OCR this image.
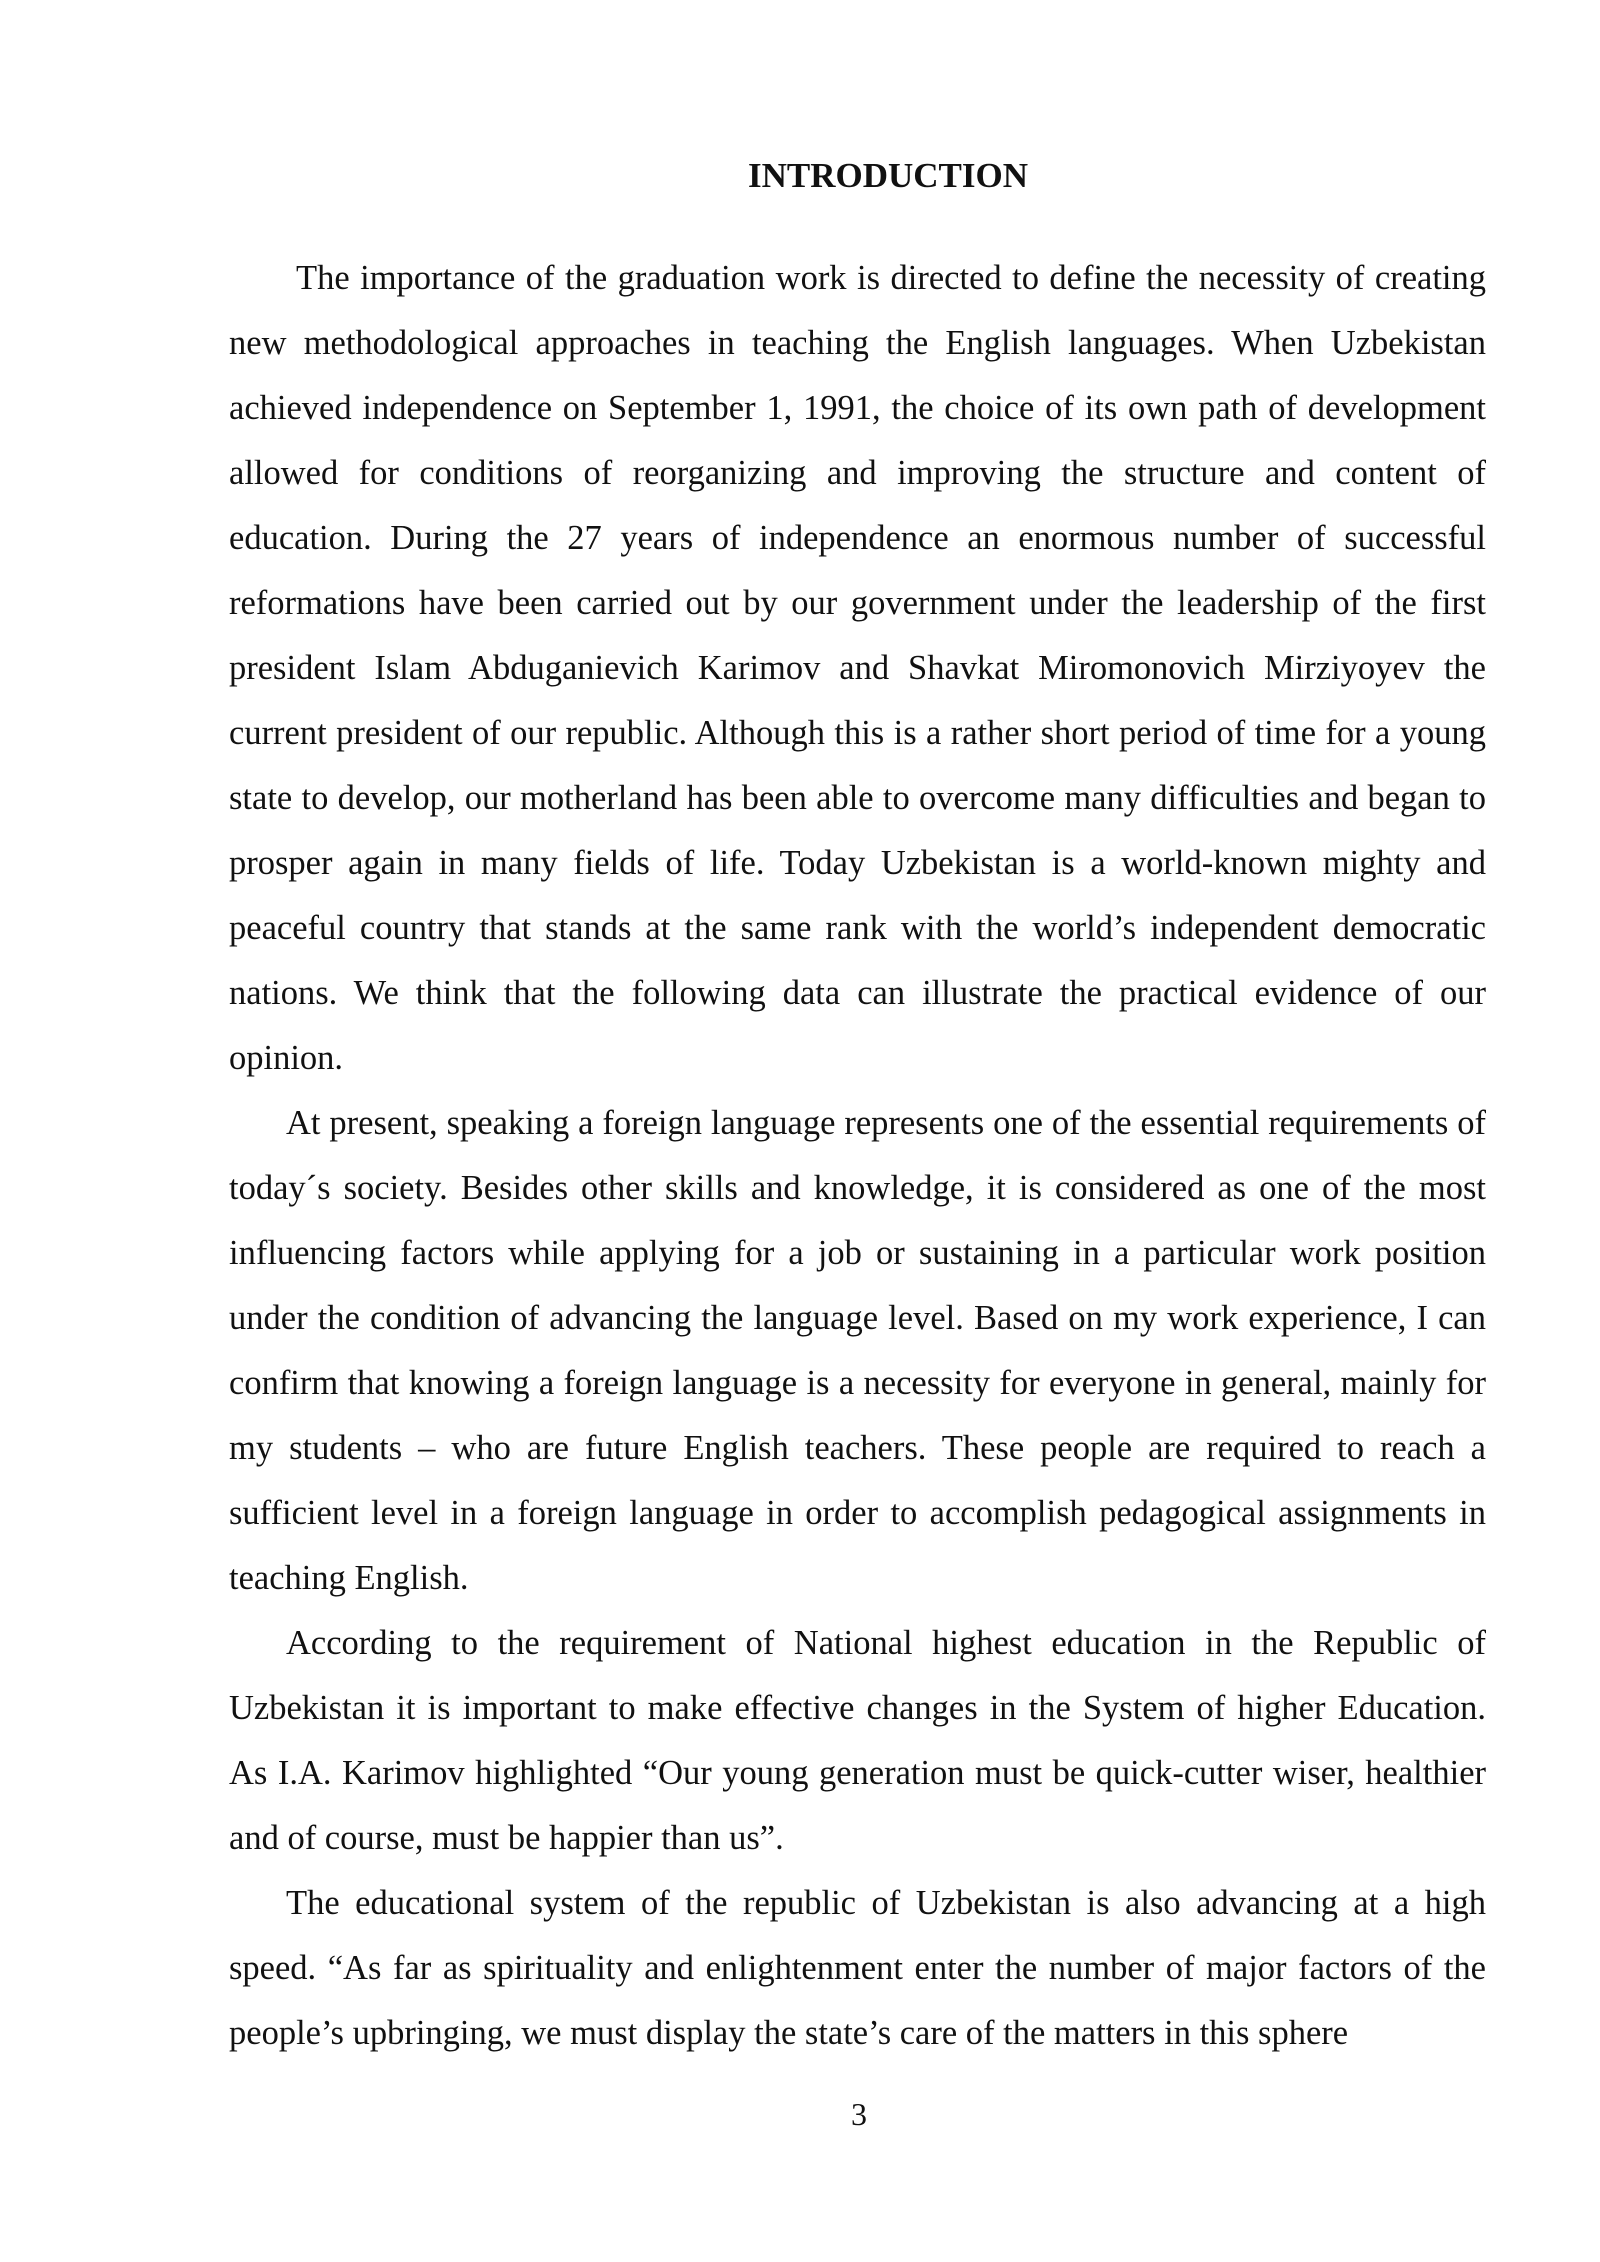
INTRODUCTION

The importance of the graduation work is directed to define the necessity of creating new methodological approaches in teaching the English languages. When Uzbekistan achieved independence on September 1, 1991, the choice of its own path of development allowed for conditions of reorganizing and improving the structure and content of education. During the 27 years of independence an enormous number of successful reformations have been carried out by our government under the leadership of the first president Islam Abduganievich Karimov and Shavkat Miromonovich Mirziyoyev the current president of our republic. Although this is a rather short period of time for a young state to develop, our motherland has been able to overcome many difficulties and began to prosper again in many fields of life. Today Uzbekistan is a world-known mighty and peaceful country that stands at the same rank with the world’s independent democratic nations. We think that the following data can illustrate the practical evidence of our opinion.

At present, speaking a foreign language represents one of the essential requirements of today´s society. Besides other skills and knowledge, it is considered as one of the most influencing factors while applying for a job or sustaining in a particular work position under the condition of advancing the language level. Based on my work experience, I can confirm that knowing a foreign language is a necessity for everyone in general, mainly for my students – who are future English teachers. These people are required to reach a sufficient level in a foreign language in order to accomplish pedagogical assignments in teaching English.

According to the requirement of National highest education in the Republic of Uzbekistan it is important to make effective changes in the System of higher Education. As I.A. Karimov highlighted “Our young generation must be quick-cutter wiser, healthier and of course, must be happier than us”.

The educational system of the republic of Uzbekistan is also advancing at a high speed. “As far as spirituality and enlightenment enter the number of major factors of the people’s upbringing, we must display the state’s care of the matters in this sphere

3
